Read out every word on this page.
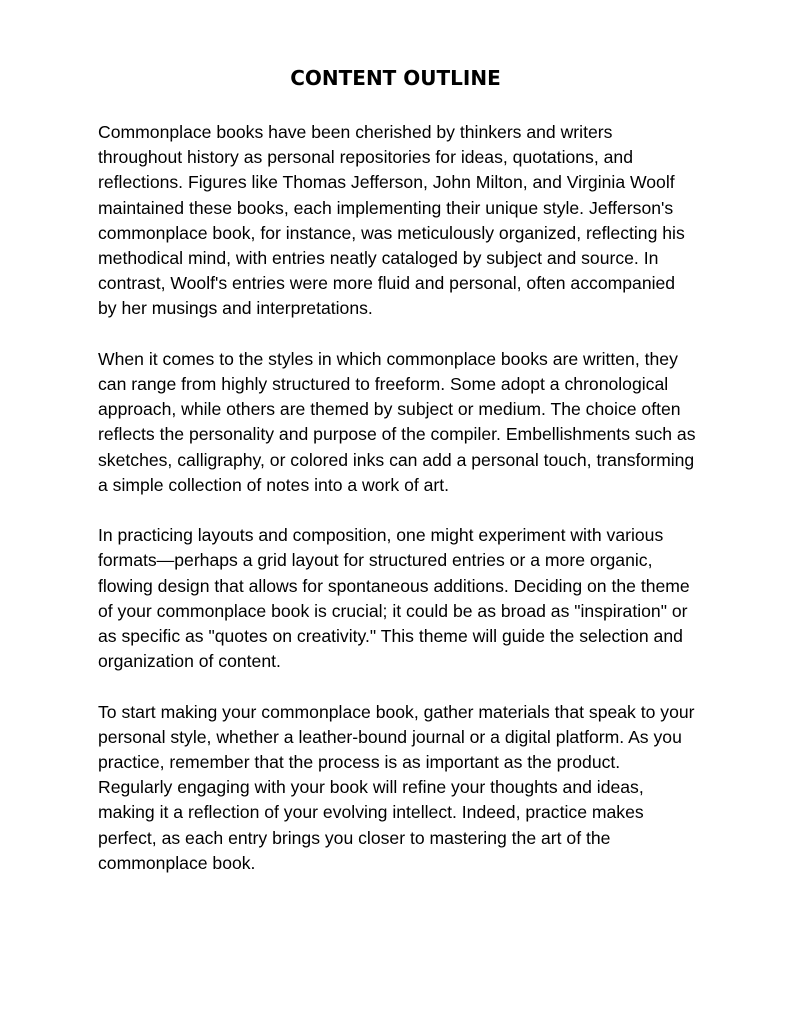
CONTENT OUTLINE

Commonplace books have been cherished by thinkers and writers throughout history as personal repositories for ideas, quotations, and reflections. Figures like Thomas Jefferson, John Milton, and Virginia Woolf maintained these books, each implementing their unique style. Jefferson's commonplace book, for instance, was meticulously organized, reflecting his methodical mind, with entries neatly cataloged by subject and source. In contrast, Woolf's entries were more fluid and personal, often accompanied by her musings and interpretations.

When it comes to the styles in which commonplace books are written, they can range from highly structured to freeform. Some adopt a chronological approach, while others are themed by subject or medium. The choice often reflects the personality and purpose of the compiler. Embellishments such as sketches, calligraphy, or colored inks can add a personal touch, transforming a simple collection of notes into a work of art.

In practicing layouts and composition, one might experiment with various formats—perhaps a grid layout for structured entries or a more organic, flowing design that allows for spontaneous additions. Deciding on the theme of your commonplace book is crucial; it could be as broad as "inspiration" or as specific as "quotes on creativity." This theme will guide the selection and organization of content.

To start making your commonplace book, gather materials that speak to your personal style, whether a leather-bound journal or a digital platform. As you practice, remember that the process is as important as the product. Regularly engaging with your book will refine your thoughts and ideas, making it a reflection of your evolving intellect. Indeed, practice makes perfect, as each entry brings you closer to mastering the art of the commonplace book.
